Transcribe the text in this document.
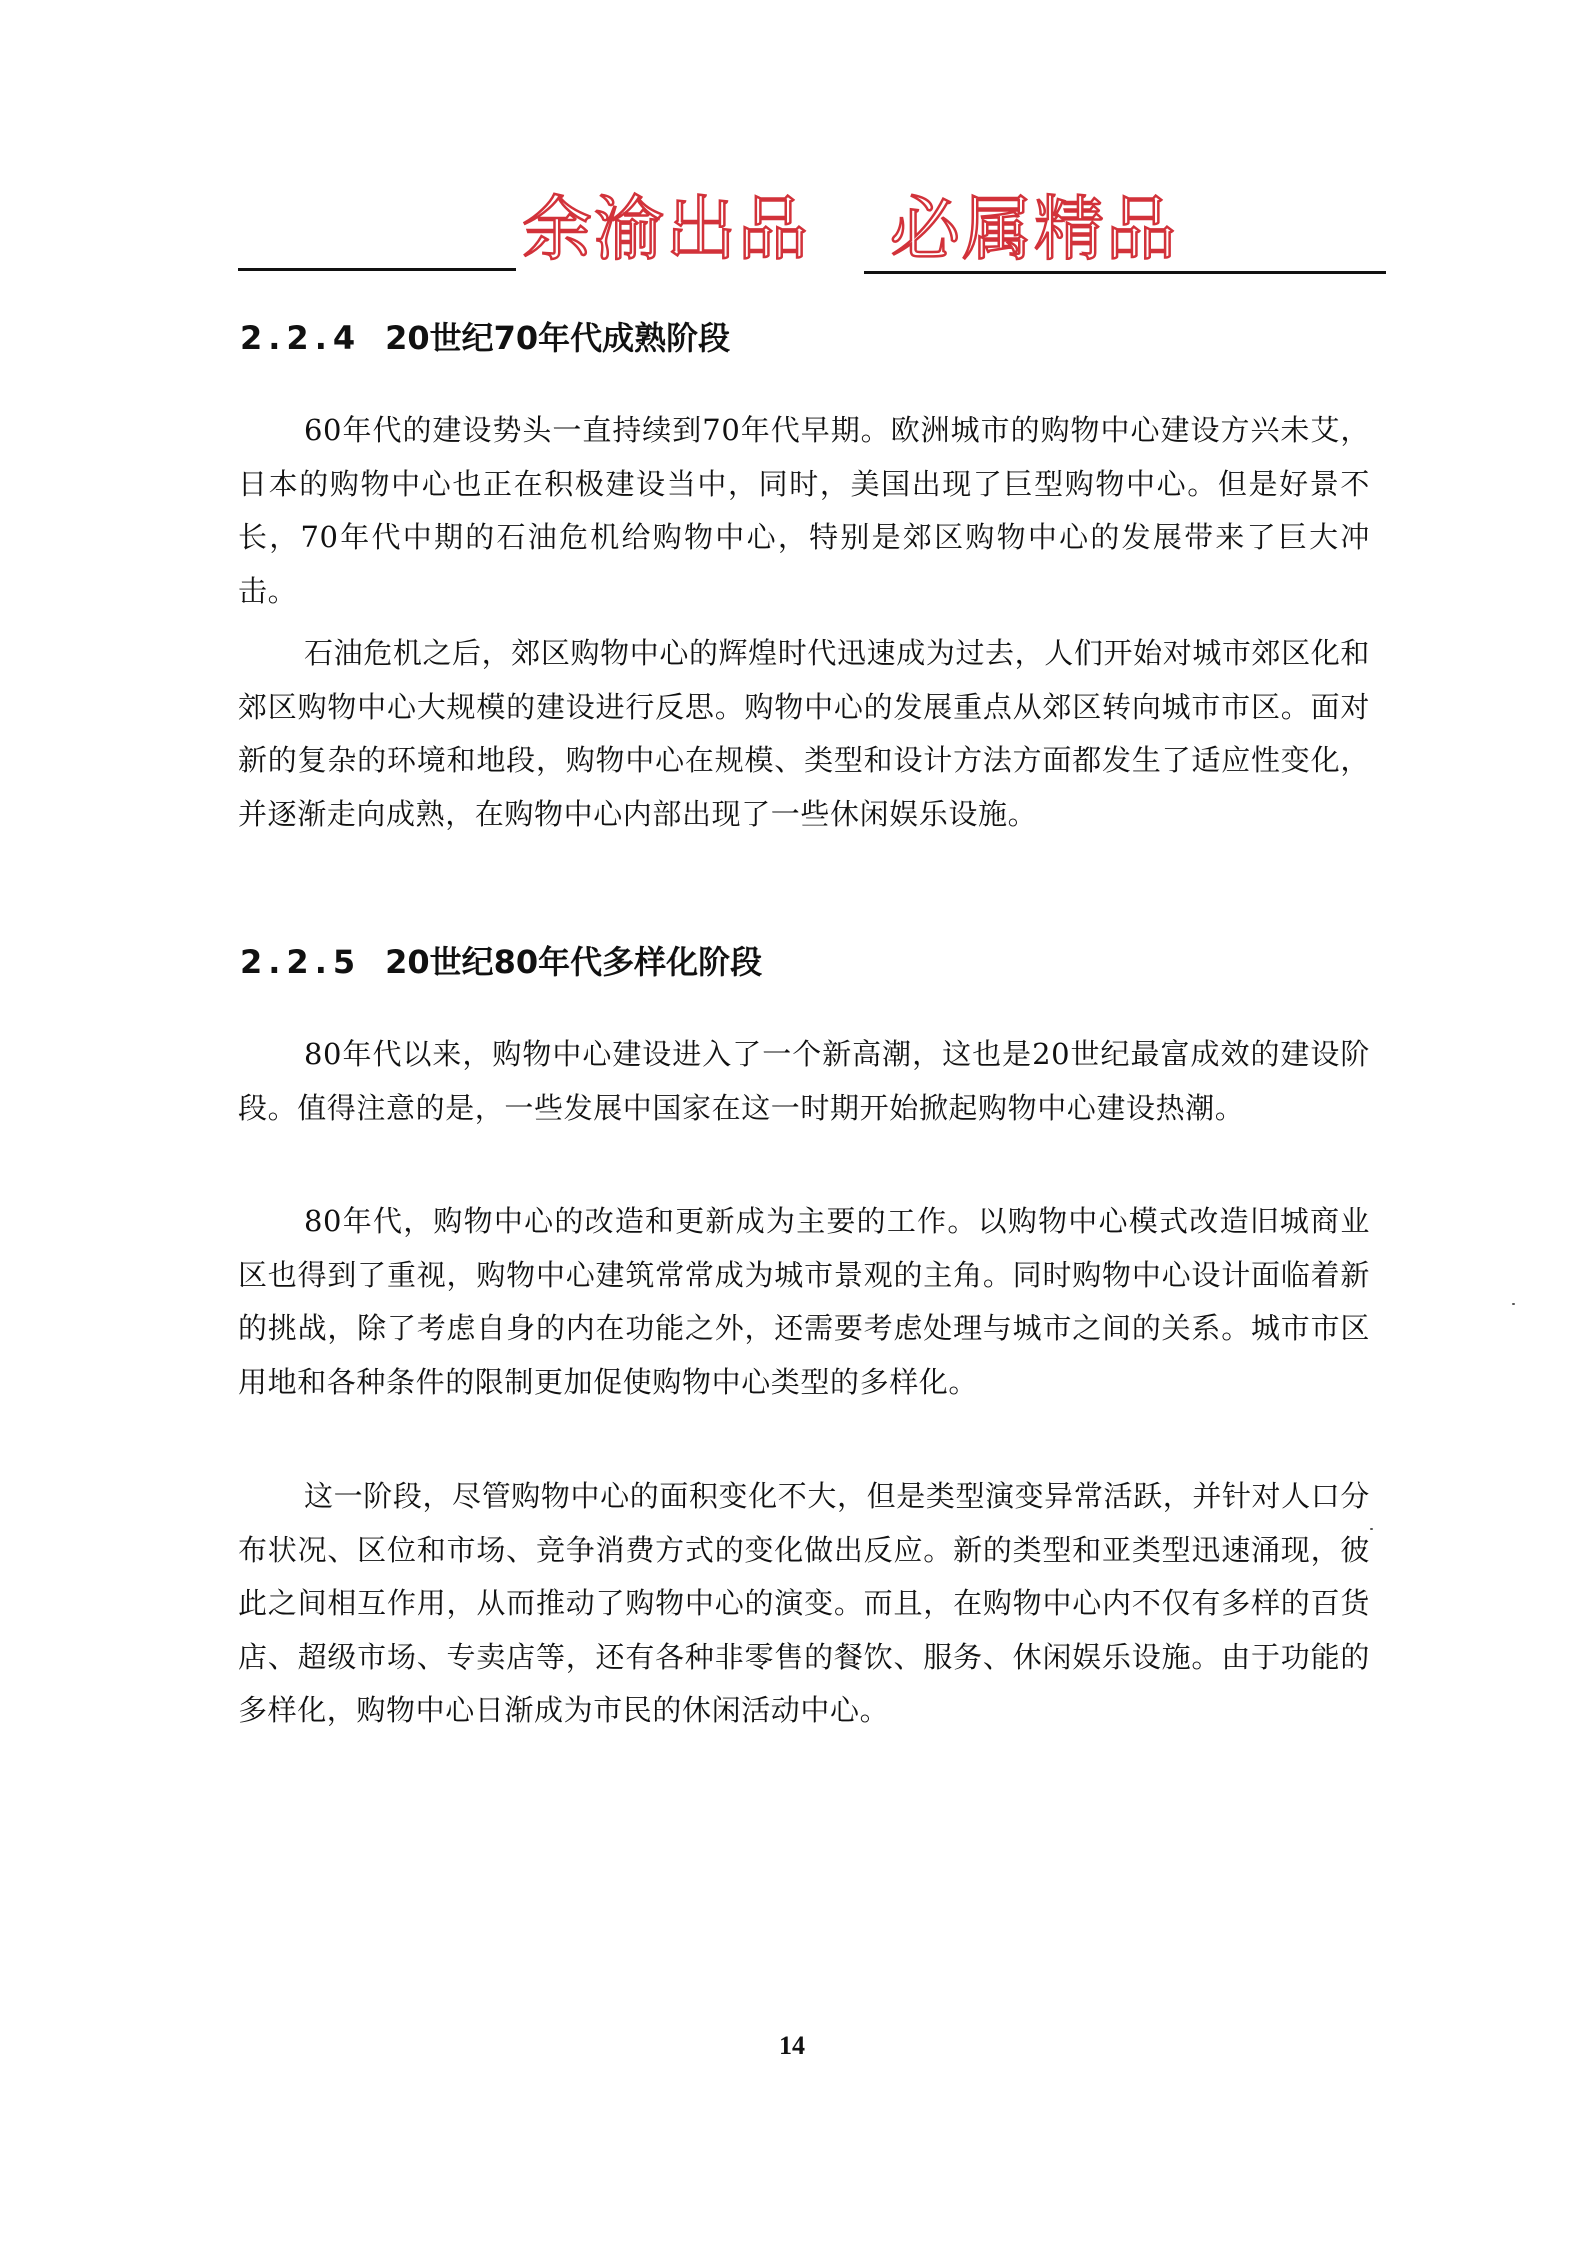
余渝出品 必属精品
2.2.4 20世纪70年代成熟阶段

60年代的建设势头一直持续到70年代早期。欧洲城市的购物中心建设方兴未艾，日本的购物中心也正在积极建设当中，同时，美国出现了巨型购物中心。但是好景不长，70年代中期的石油危机给购物中心，特别是郊区购物中心的发展带来了巨大冲击。

石油危机之后，郊区购物中心的辉煌时代迅速成为过去，人们开始对城市郊区化和郊区购物中心大规模的建设进行反思。购物中心的发展重点从郊区转向城市市区。面对新的复杂的环境和地段，购物中心在规模、类型和设计方法方面都发生了适应性变化，并逐渐走向成熟，在购物中心内部出现了一些休闲娱乐设施。

2.2.5 20世纪80年代多样化阶段

80年代以来，购物中心建设进入了一个新高潮，这也是20世纪最富成效的建设阶段。值得注意的是，一些发展中国家在这一时期开始掀起购物中心建设热潮。

80年代，购物中心的改造和更新成为主要的工作。以购物中心模式改造旧城商业区也得到了重视，购物中心建筑常常成为城市景观的主角。同时购物中心设计面临着新的挑战，除了考虑自身的内在功能之外，还需要考虑处理与城市之间的关系。城市市区用地和各种条件的限制更加促使购物中心类型的多样化。

这一阶段，尽管购物中心的面积变化不大，但是类型演变异常活跃，并针对人口分布状况、区位和市场、竞争消费方式的变化做出反应。新的类型和亚类型迅速涌现，彼此之间相互作用，从而推动了购物中心的演变。而且，在购物中心内不仅有多样的百货店、超级市场、专卖店等，还有各种非零售的餐饮、服务、休闲娱乐设施。由于功能的多样化，购物中心日渐成为市民的休闲活动中心。

14
